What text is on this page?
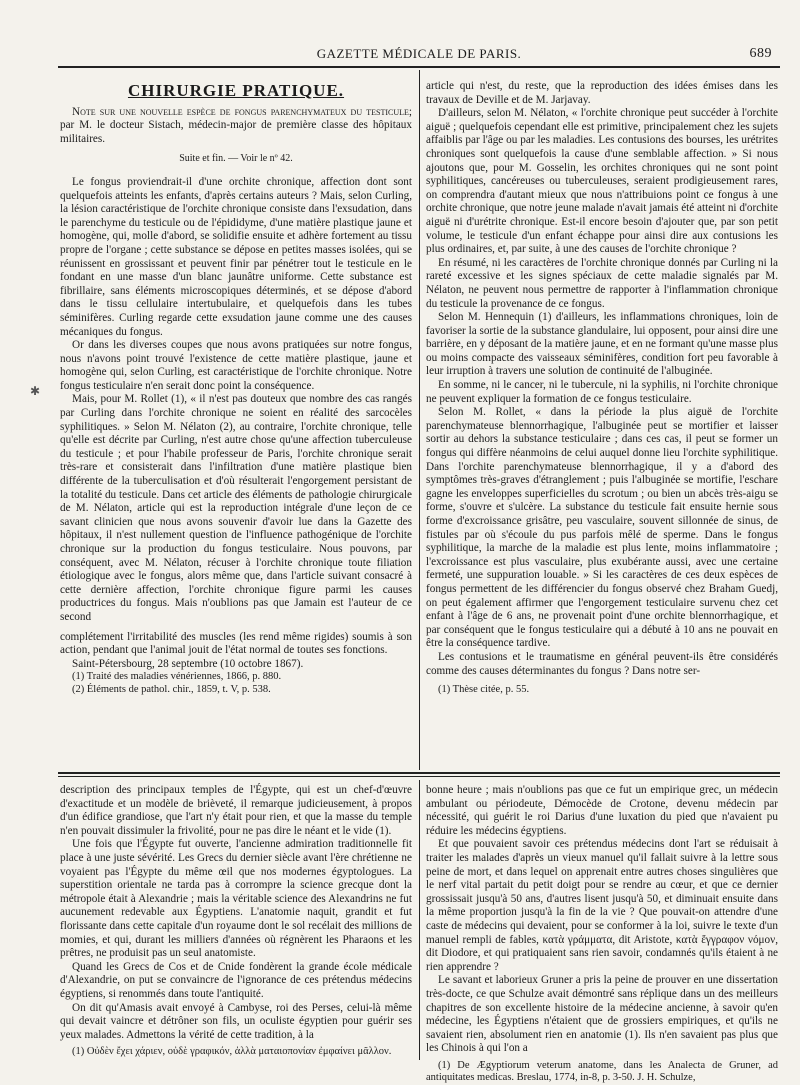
GAZETTE MÉDICALE DE PARIS.	689
✱
CHIRURGIE PRATIQUE.

Note sur une nouvelle espèce de fongus parenchymateux du testicule; par M. le docteur Sistach, médecin-major de première classe des hôpitaux militaires.

Suite et fin. — Voir le nº 42.

Le fongus proviendrait-il d'une orchite chronique, affection dont sont quelquefois atteints les enfants, d'après certains auteurs ? Mais, selon Curling, la lésion caractéristique de l'orchite chronique consiste dans l'exsudation, dans le parenchyme du testicule ou de l'épididyme, d'une matière plastique jaune et homogène, qui, molle d'abord, se solidifie ensuite et adhère fortement au tissu propre de l'organe ; cette substance se dépose en petites masses isolées, qui se réunissent en grossissant et peuvent finir par pénétrer tout le testicule en le fondant en une masse d'un blanc jaunâtre uniforme. Cette substance est fibrillaire, sans éléments microscopiques déterminés, et se dépose d'abord dans le tissu cellulaire intertubulaire, et quelquefois dans les tubes séminifères. Curling regarde cette exsudation jaune comme une des causes mécaniques du fongus.

Or dans les diverses coupes que nous avons pratiquées sur notre fongus, nous n'avons point trouvé l'existence de cette matière plastique, jaune et homogène qui, selon Curling, est caractéristique de l'orchite chronique. Notre fongus testiculaire n'en serait donc point la conséquence.

Mais, pour M. Rollet (1), « il n'est pas douteux que nombre des cas rangés par Curling dans l'orchite chronique ne soient en réalité des sarcocèles syphilitiques. » Selon M. Nélaton (2), au contraire, l'orchite chronique, telle qu'elle est décrite par Curling, n'est autre chose qu'une affection tuberculeuse du testicule ; et pour l'habile professeur de Paris, l'orchite chronique serait très-rare et consisterait dans l'infiltration d'une matière plastique bien différente de la tuberculisation et d'où résulterait l'engorgement persistant de la totalité du testicule. Dans cet article des éléments de pathologie chirurgicale de M. Nélaton, article qui est la reproduction intégrale d'une leçon de ce savant clinicien que nous avons souvenir d'avoir lue dans la Gazette des hôpitaux, il n'est nullement question de l'influence pathogénique de l'orchite chronique sur la production du fongus testiculaire. Nous pouvons, par conséquent, avec M. Nélaton, récuser à l'orchite chronique toute filiation étiologique avec le fongus, alors même que, dans l'article suivant consacré à cette dernière affection, l'orchite chronique figure parmi les causes productrices du fongus. Mais n'oublions pas que Jamain est l'auteur de ce second

complétement l'irritabilité des muscles (les rend même rigides) soumis à son action, pendant que l'animal jouit de l'état normal de toutes ses fonctions.

Saint-Pétersbourg, 28 septembre (10 octobre 1867).

(1) Traité des maladies vénériennes, 1866, p. 880.

(2) Éléments de pathol. chir., 1859, t. V, p. 538.

article qui n'est, du reste, que la reproduction des idées émises dans les travaux de Deville et de M. Jarjavay.

D'ailleurs, selon M. Nélaton, « l'orchite chronique peut succéder à l'orchite aiguë ; quelquefois cependant elle est primitive, principalement chez les sujets affaiblis par l'âge ou par les maladies. Les contusions des bourses, les urétrites chroniques sont quelquefois la cause d'une semblable affection. » Si nous ajoutons que, pour M. Gosselin, les orchites chroniques qui ne sont point syphilitiques, cancéreuses ou tuberculeuses, seraient prodigieusement rares, on comprendra d'autant mieux que nous n'attribuions point ce fongus à une orchite chronique, que notre jeune malade n'avait jamais été atteint ni d'orchite aiguë ni d'urétrite chronique. Est-il encore besoin d'ajouter que, par son petit volume, le testicule d'un enfant échappe pour ainsi dire aux contusions les plus ordinaires, et, par suite, à une des causes de l'orchite chronique ?

En résumé, ni les caractères de l'orchite chronique donnés par Curling ni la rareté excessive et les signes spéciaux de cette maladie signalés par M. Nélaton, ne peuvent nous permettre de rapporter à l'inflammation chronique du testicule la provenance de ce fongus.

Selon M. Hennequin (1) d'ailleurs, les inflammations chroniques, loin de favoriser la sortie de la substance glandulaire, lui opposent, pour ainsi dire une barrière, en y déposant de la matière jaune, et en ne formant qu'une masse plus ou moins compacte des vaisseaux séminifères, condition fort peu favorable à leur irruption à travers une solution de continuité de l'albuginée.

En somme, ni le cancer, ni le tubercule, ni la syphilis, ni l'orchite chronique ne peuvent expliquer la formation de ce fongus testiculaire.

Selon M. Rollet, « dans la période la plus aiguë de l'orchite parenchymateuse blennorrhagique, l'albuginée peut se mortifier et laisser sortir au dehors la substance testiculaire ; dans ces cas, il peut se former un fongus qui diffère néanmoins de celui auquel donne lieu l'orchite syphilitique. Dans l'orchite parenchymateuse blennorrhagique, il y a d'abord des symptômes très-graves d'étranglement ; puis l'albuginée se mortifie, l'eschare gagne les enveloppes superficielles du scrotum ; ou bien un abcès très-aigu se forme, s'ouvre et s'ulcère. La substance du testicule fait ensuite hernie sous forme d'excroissance grisâtre, peu vasculaire, souvent sillonnée de sinus, de fistules par où s'écoule du pus parfois mêlé de sperme. Dans le fongus syphilitique, la marche de la maladie est plus lente, moins inflammatoire ; l'excroissance est plus vasculaire, plus exubérante aussi, avec une certaine fermeté, une suppuration louable. » Si les caractères de ces deux espèces de fongus permettent de les différencier du fongus observé chez Braham Guedj, on peut également affirmer que l'engorgement testiculaire survenu chez cet enfant à l'âge de 6 ans, ne provenait point d'une orchite blennorrhagique, et par conséquent que le fongus testiculaire qui a débuté à 10 ans ne pouvait en être la conséquence tardive.

Les contusions et le traumatisme en général peuvent-ils être considérés comme des causes déterminantes du fongus ? Dans notre ser-

(1) Thèse citée, p. 55.

description des principaux temples de l'Égypte, qui est un chef-d'œuvre d'exactitude et un modèle de brièveté, il remarque judicieusement, à propos d'un édifice grandiose, que l'art n'y était pour rien, et que la masse du temple n'en pouvait dissimuler la frivolité, pour ne pas dire le néant et le vide (1).

Une fois que l'Égypte fut ouverte, l'ancienne admiration traditionnelle fit place à une juste sévérité. Les Grecs du dernier siècle avant l'ère chrétienne ne voyaient pas l'Égypte du même œil que nos modernes égyptologues. La superstition orientale ne tarda pas à corrompre la science grecque dont la métropole était à Alexandrie ; mais la véritable science des Alexandrins ne fut aucunement redevable aux Égyptiens. L'anatomie naquit, grandit et fut florissante dans cette capitale d'un royaume dont le sol recélait des millions de momies, et qui, durant les milliers d'années où régnèrent les Pharaons et les prêtres, ne produisit pas un seul anatomiste.

Quand les Grecs de Cos et de Cnide fondèrent la grande école médicale d'Alexandrie, on put se convaincre de l'ignorance de ces prétendus médecins égyptiens, si renommés dans toute l'antiquité.

On dit qu'Amasis avait envoyé à Cambyse, roi des Perses, celui-là même qui devait vaincre et détrôner son fils, un oculiste égyptien pour guérir ses yeux malades. Admettons la vérité de cette tradition, à la

(1) Οὐδὲν ἔχει χάριεν, οὐδὲ γραφικόν, ἀλλὰ ματαιοπονίαν ἐμφαίνει μᾶλλον.

bonne heure ; mais n'oublions pas que ce fut un empirique grec, un médecin ambulant ou périodeute, Démocède de Crotone, devenu médecin par nécessité, qui guérit le roi Darius d'une luxation du pied que n'avaient pu réduire les médecins égyptiens.

Et que pouvaient savoir ces prétendus médecins dont l'art se réduisait à traiter les malades d'après un vieux manuel qu'il fallait suivre à la lettre sous peine de mort, et dans lequel on apprenait entre autres choses singulières que le nerf vital partait du petit doigt pour se rendre au cœur, et que ce dernier grossissait jusqu'à 50 ans, d'autres lisent jusqu'à 50, et diminuait ensuite dans la même proportion jusqu'à la fin de la vie ? Que pouvait-on attendre d'une caste de médecins qui devaient, pour se conformer à la loi, suivre le texte d'un manuel rempli de fables, κατὰ γράμματα, dit Aristote, κατὰ ἔγγραφον νόμον, dit Diodore, et qui pratiquaient sans rien savoir, condamnés qu'ils étaient à ne rien apprendre ?

Le savant et laborieux Gruner a pris la peine de prouver en une dissertation très-docte, ce que Schulze avait démontré sans réplique dans un des meilleurs chapitres de son excellente histoire de la médecine ancienne, à savoir qu'en médecine, les Égyptiens n'étaient que de grossiers empiriques, et qu'ils ne savaient rien, absolument rien en anatomie (1). Ils n'en savaient pas plus que les Chinois à qui l'on a

(1) De Ægyptiorum veterum anatome, dans les Analecta de Gruner, ad antiquitates medicas. Breslau, 1774, in-8, p. 3-50. J. H. Schulze,
